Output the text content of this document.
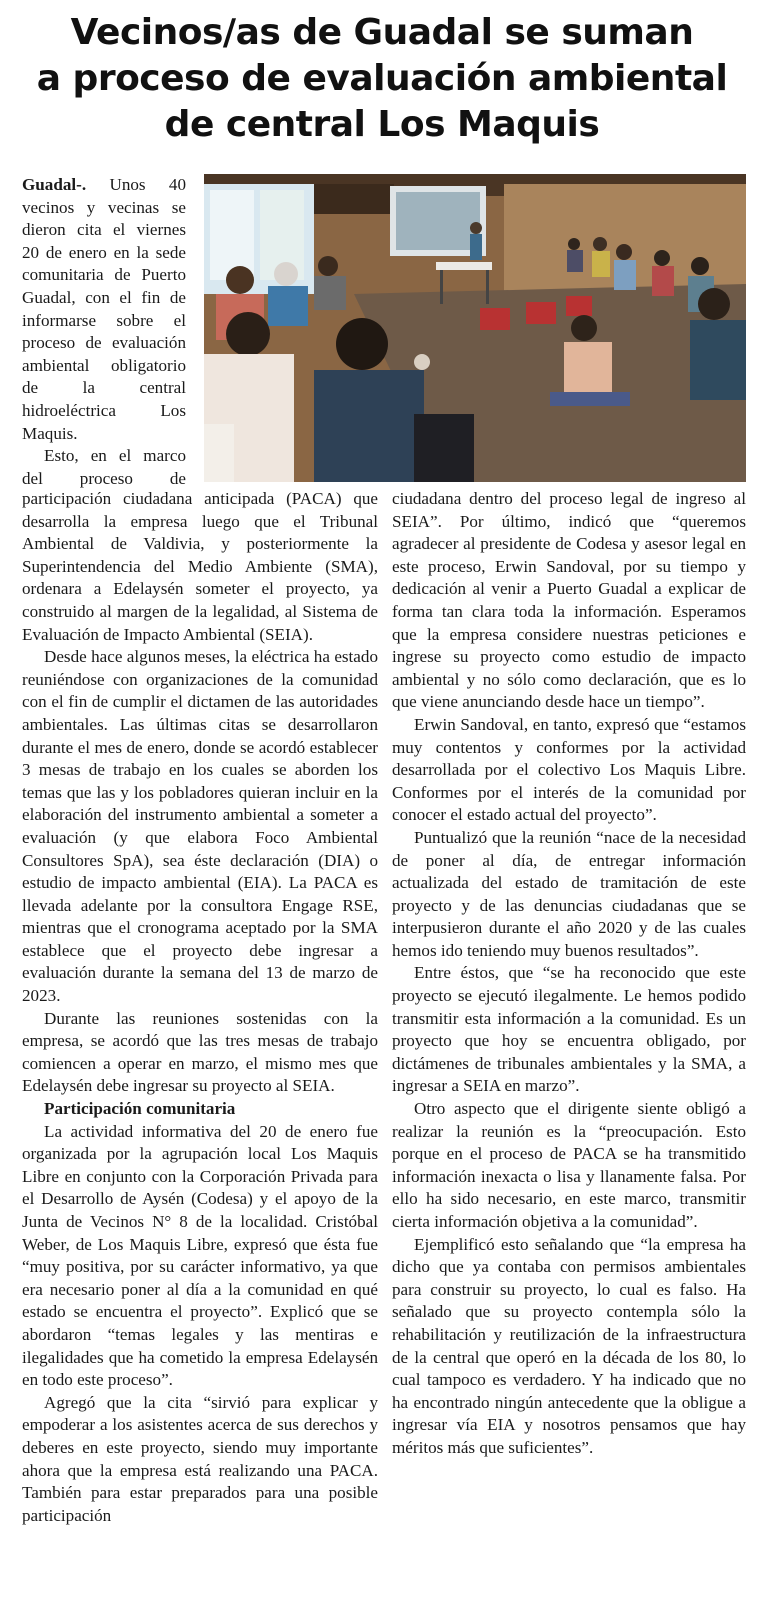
Vecinos/as de Guadal se suman
a proceso de evaluación ambiental
de central Los Maquis

Guadal-. Unos 40 vecinos y vecinas se dieron cita el viernes 20 de enero en la sede comunitaria de Puerto Guadal, con el fin de informarse sobre el proceso de evaluación ambiental obligatorio de la central hidroeléctrica Los Maquis.

Esto, en el marco del proceso de

participación ciudadana anticipada (PACA) que desarrolla la empresa luego que el Tribunal Ambiental de Valdivia, y posteriormente la Superintendencia del Medio Ambiente (SMA), ordenara a Edelaysén someter el proyecto, ya construido al margen de la legalidad, al Sistema de Evaluación de Impacto Ambiental (SEIA).

Desde hace algunos meses, la eléctrica ha estado reuniéndose con organizaciones de la comunidad con el fin de cumplir el dictamen de las autoridades ambientales. Las últimas citas se desarrollaron durante el mes de enero, donde se acordó establecer 3 mesas de trabajo en los cuales se aborden los temas que las y los pobladores quieran incluir en la elaboración del instrumento ambiental a someter a evaluación (y que elabora Foco Ambiental Consultores SpA), sea éste declaración (DIA) o estudio de impacto ambiental (EIA). La PACA es llevada adelante por la consultora Engage RSE, mientras que el cronograma aceptado por la SMA establece que el proyecto debe ingresar a evaluación durante la semana del 13 de marzo de 2023.

Durante las reuniones sostenidas con la empresa, se acordó que las tres mesas de trabajo comiencen a operar en marzo, el mismo mes que Edelaysén debe ingresar su proyecto al SEIA.

Participación comunitaria

La actividad informativa del 20 de enero fue organizada por la agrupación local Los Maquis Libre en conjunto con la Corporación Privada para el Desarrollo de Aysén (Codesa) y el apoyo de la Junta de Vecinos N° 8 de la localidad. Cristóbal Weber, de Los Maquis Libre, expresó que ésta fue “muy positiva, por su carácter informativo, ya que era necesario poner al día a la comunidad en qué estado se encuentra el proyecto”. Explicó que se abordaron “temas legales y las mentiras e ilegalidades que ha cometido la empresa Edelaysén en todo este proceso”.

Agregó que la cita “sirvió para explicar y empoderar a los asistentes acerca de sus derechos y deberes en este proyecto, siendo muy importante ahora que la empresa está realizando una PACA. También para estar preparados para una posible participación

ciudadana dentro del proceso legal de ingreso al SEIA”. Por último, indicó que “queremos agradecer al presidente de Codesa y asesor legal en este proceso, Erwin Sandoval, por su tiempo y dedicación al venir a Puerto Guadal a explicar de forma tan clara toda la información. Esperamos que la empresa considere nuestras peticiones e ingrese su proyecto como estudio de impacto ambiental y no sólo como declaración, que es lo que viene anunciando desde hace un tiempo”.

Erwin Sandoval, en tanto, expresó que “estamos muy contentos y conformes por la actividad desarrollada por el colectivo Los Maquis Libre. Conformes por el interés de la comunidad por conocer el estado actual del proyecto”.

Puntualizó que la reunión “nace de la necesidad de poner al día, de entregar información actualizada del estado de tramitación de este proyecto y de las denuncias ciudadanas que se interpusieron durante el año 2020 y de las cuales hemos ido teniendo muy buenos resultados”.

Entre éstos, que “se ha reconocido que este proyecto se ejecutó ilegalmente. Le hemos podido transmitir esta información a la comunidad. Es un proyecto que hoy se encuentra obligado, por dictámenes de tribunales ambientales y la SMA, a ingresar a SEIA en marzo”.

Otro aspecto que el dirigente siente obligó a realizar la reunión es la “preocupación. Esto porque en el proceso de PACA se ha transmitido información inexacta o lisa y llanamente falsa. Por ello ha sido necesario, en este marco, transmitir cierta información objetiva a la comunidad”.

Ejemplificó esto señalando que “la empresa ha dicho que ya contaba con permisos ambientales para construir su proyecto, lo cual es falso. Ha señalado que su proyecto contempla sólo la rehabilitación y reutilización de la infraestructura de la central que operó en la década de los 80, lo cual tampoco es verdadero. Y ha indicado que no ha encontrado ningún antecedente que la obligue a ingresar vía EIA y nosotros pensamos que hay méritos más que suficientes”.
